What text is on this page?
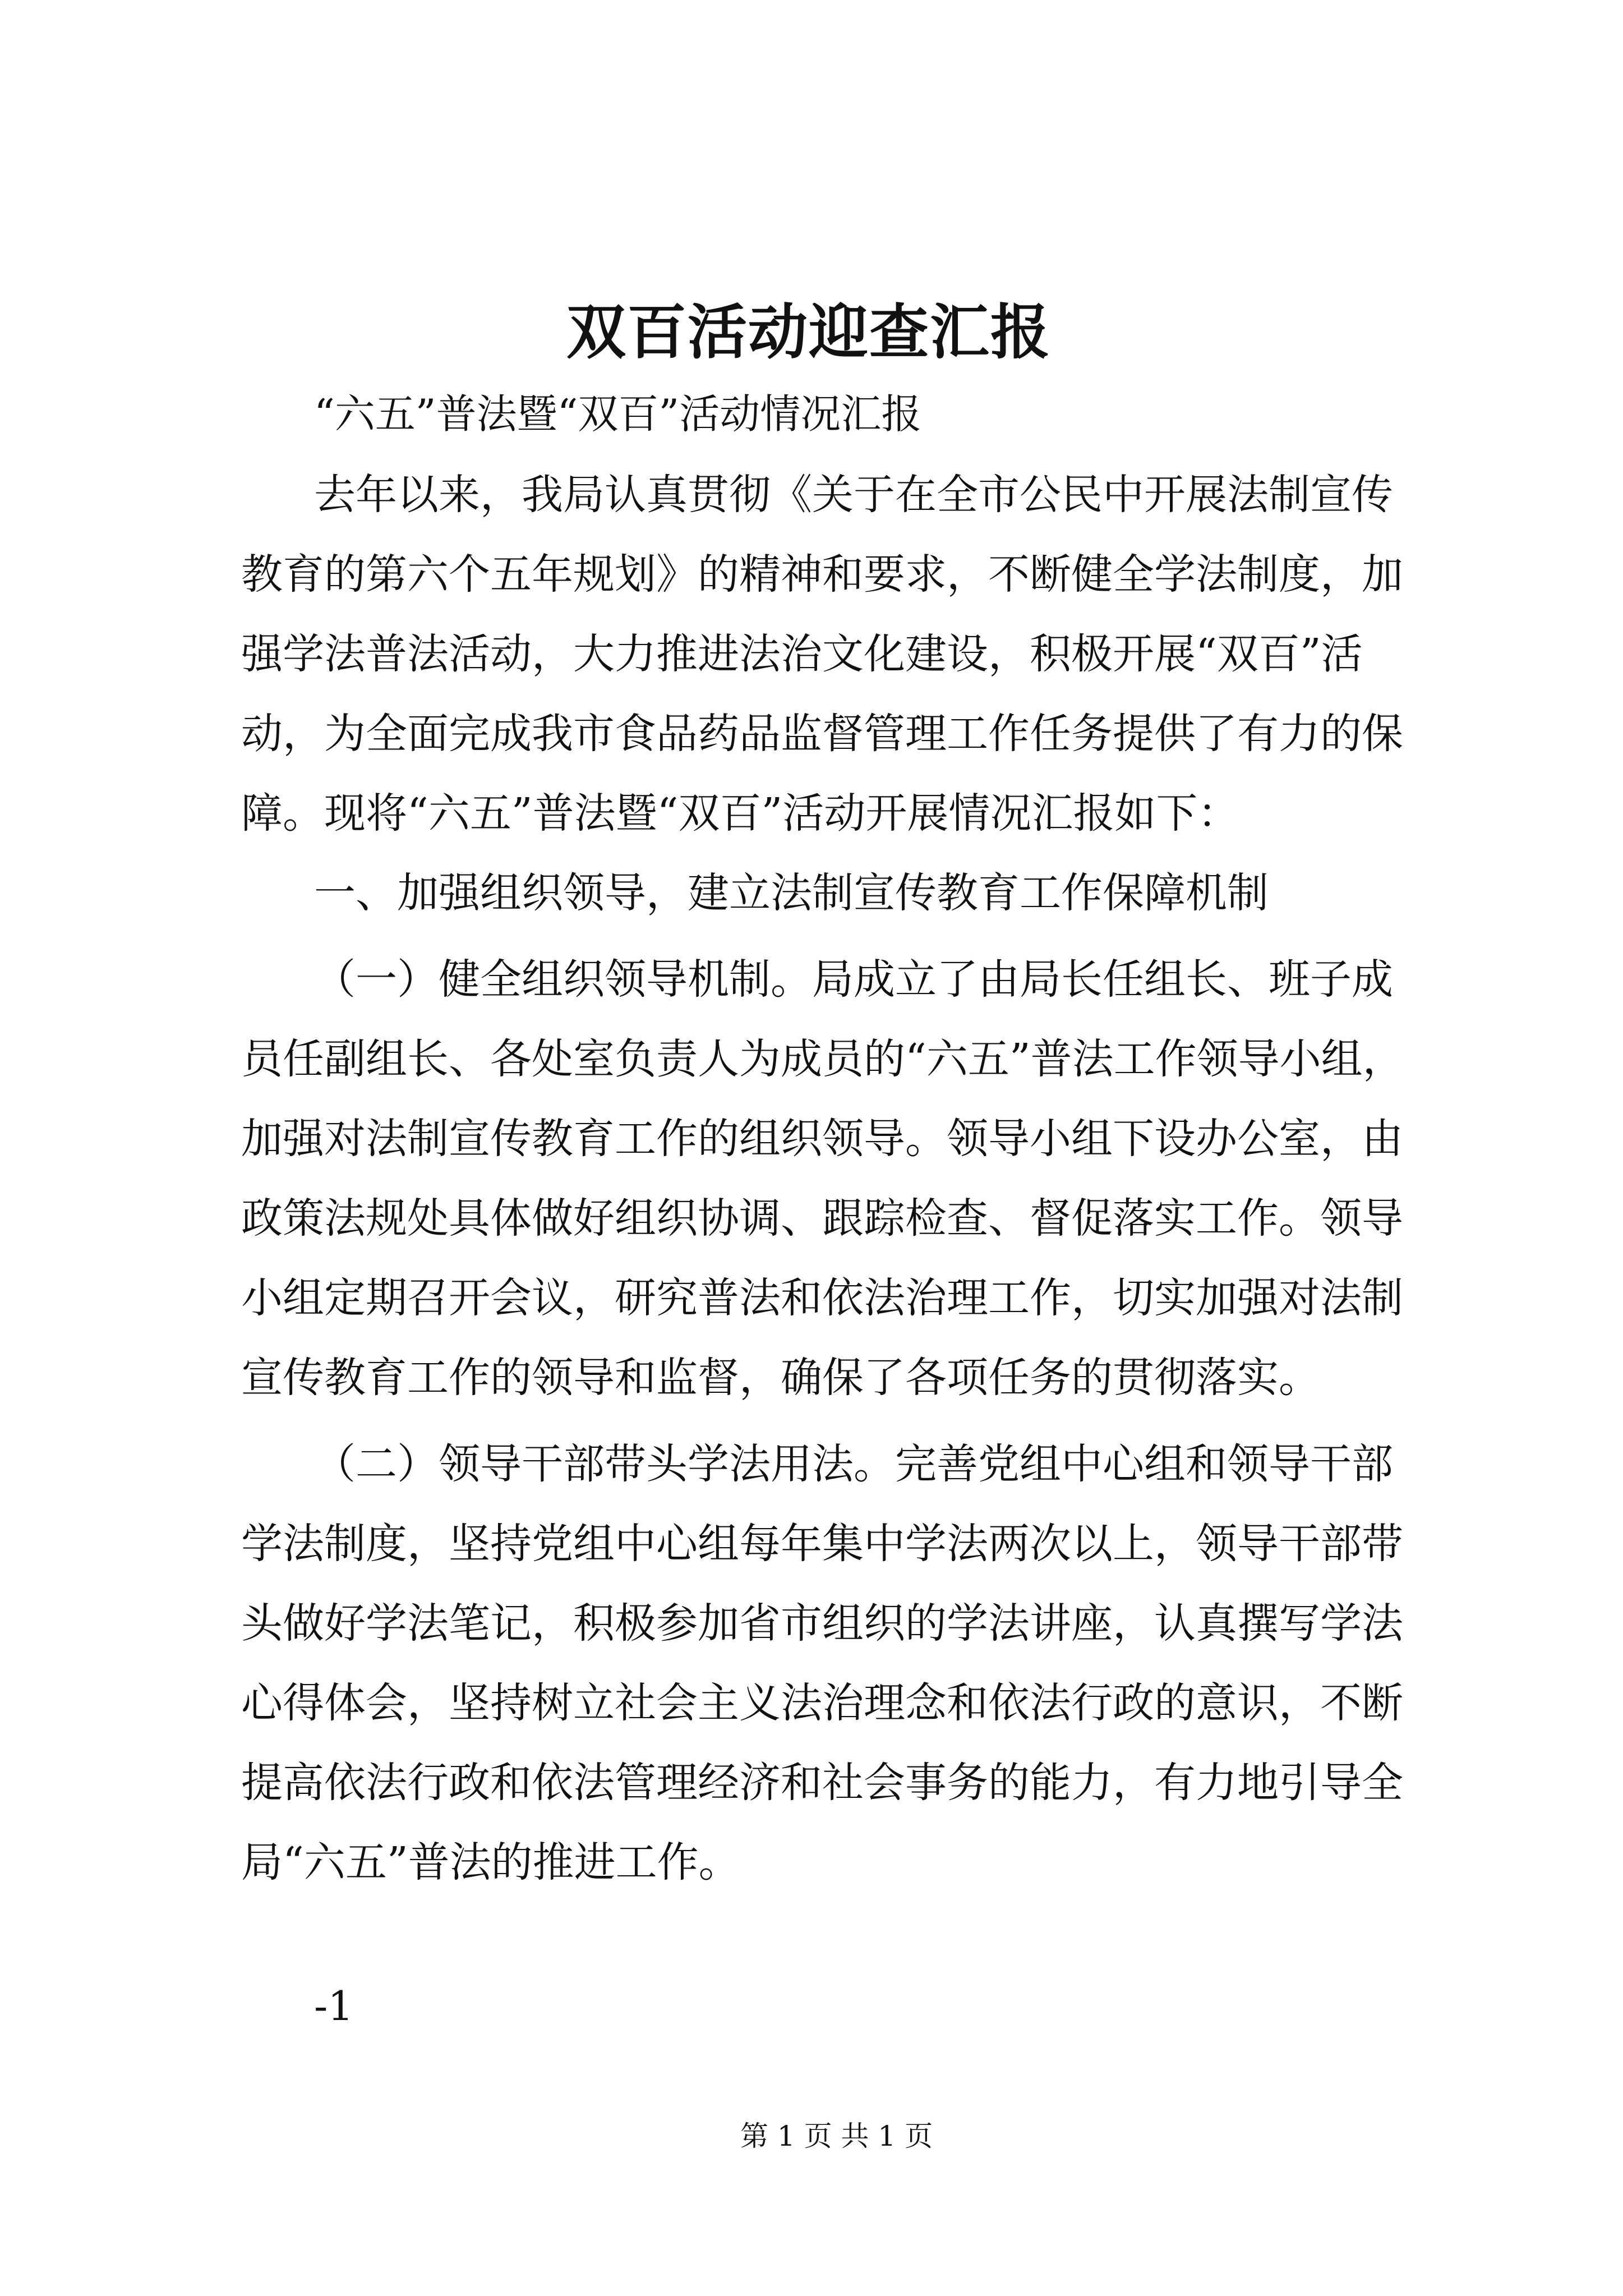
双百活动迎查汇报

“六五”普法暨“双百”活动情况汇报

去年以来，我局认真贯彻《关于在全市公民中开展法制宣传

教育的第六个五年规划》的精神和要求，不断健全学法制度，加

强学法普法活动，大力推进法治文化建设，积极开展“双百”活

动，为全面完成我市食品药品监督管理工作任务提供了有力的保

障。现将“六五”普法暨“双百”活动开展情况汇报如下：

一、加强组织领导，建立法制宣传教育工作保障机制

（一）健全组织领导机制。局成立了由局长任组长、班子成

员任副组长、各处室负责人为成员的“六五”普法工作领导小组，

加强对法制宣传教育工作的组织领导。领导小组下设办公室，由

政策法规处具体做好组织协调、跟踪检查、督促落实工作。领导

小组定期召开会议，研究普法和依法治理工作，切实加强对法制

宣传教育工作的领导和监督，确保了各项任务的贯彻落实。

（二）领导干部带头学法用法。完善党组中心组和领导干部

学法制度，坚持党组中心组每年集中学法两次以上，领导干部带

头做好学法笔记，积极参加省市组织的学法讲座，认真撰写学法

心得体会，坚持树立社会主义法治理念和依法行政的意识，不断

提高依法行政和依法管理经济和社会事务的能力，有力地引导全

局“六五”普法的推进工作。

-1

第 1 页 共 1 页
